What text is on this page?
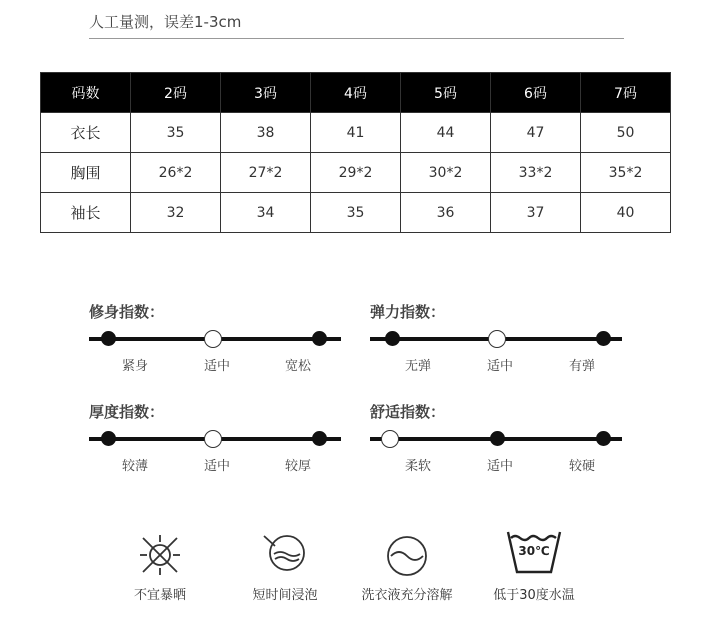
人工量测，误差1-3cm
码数	2码	3码	4码	5码	6码	7码
衣长	35	38	41	44	47	50
胸围	26*2	27*2	29*2	30*2	33*2	35*2
袖长	32	34	35	36	37	40
修身指数：
紧身	适中	宽松
弹力指数：
无弹	适中	有弹
厚度指数：
较薄	适中	较厚
舒适指数：
柔软	适中	较硬
不宜暴晒	短时间浸泡	洗衣液充分溶解
30℃
低于30度水温
